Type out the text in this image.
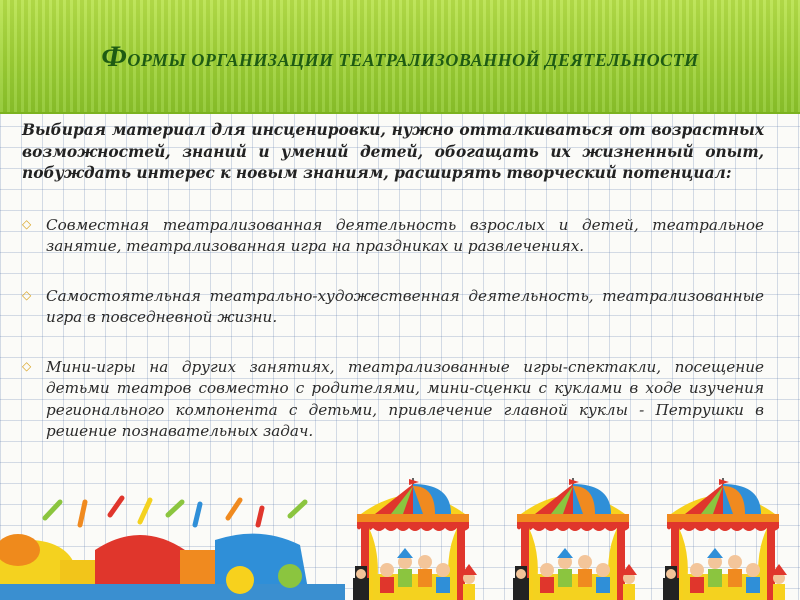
ФОРМЫ ОРГАНИЗАЦИИ ТЕАТРАЛИЗОВАННОЙ ДЕЯТЕЛЬНОСТИ

Выбирая материал для инсценировки, нужно отталкиваться от возрастных возможностей, знаний и умений детей, обогащать их жизненный опыт, побуждать интерес к новым знаниям, расширять творческий потенциал:

◇ Совместная театрализованная деятельность взрослых и детей, театральное занятие, театрализованная игра на праздниках и развлечениях.
◇ Самостоятельная театрально-художественная деятельность, театрализованные игра в повседневной жизни.
◇ Мини-игры на других занятиях, театрализованные игры-спектакли, посещение детьми театров совместно с родителями, мини-сценки с куклами в ходе изучения регионального компонента с детьми, привлечение главной куклы - Петрушки в решение познавательных задач.
